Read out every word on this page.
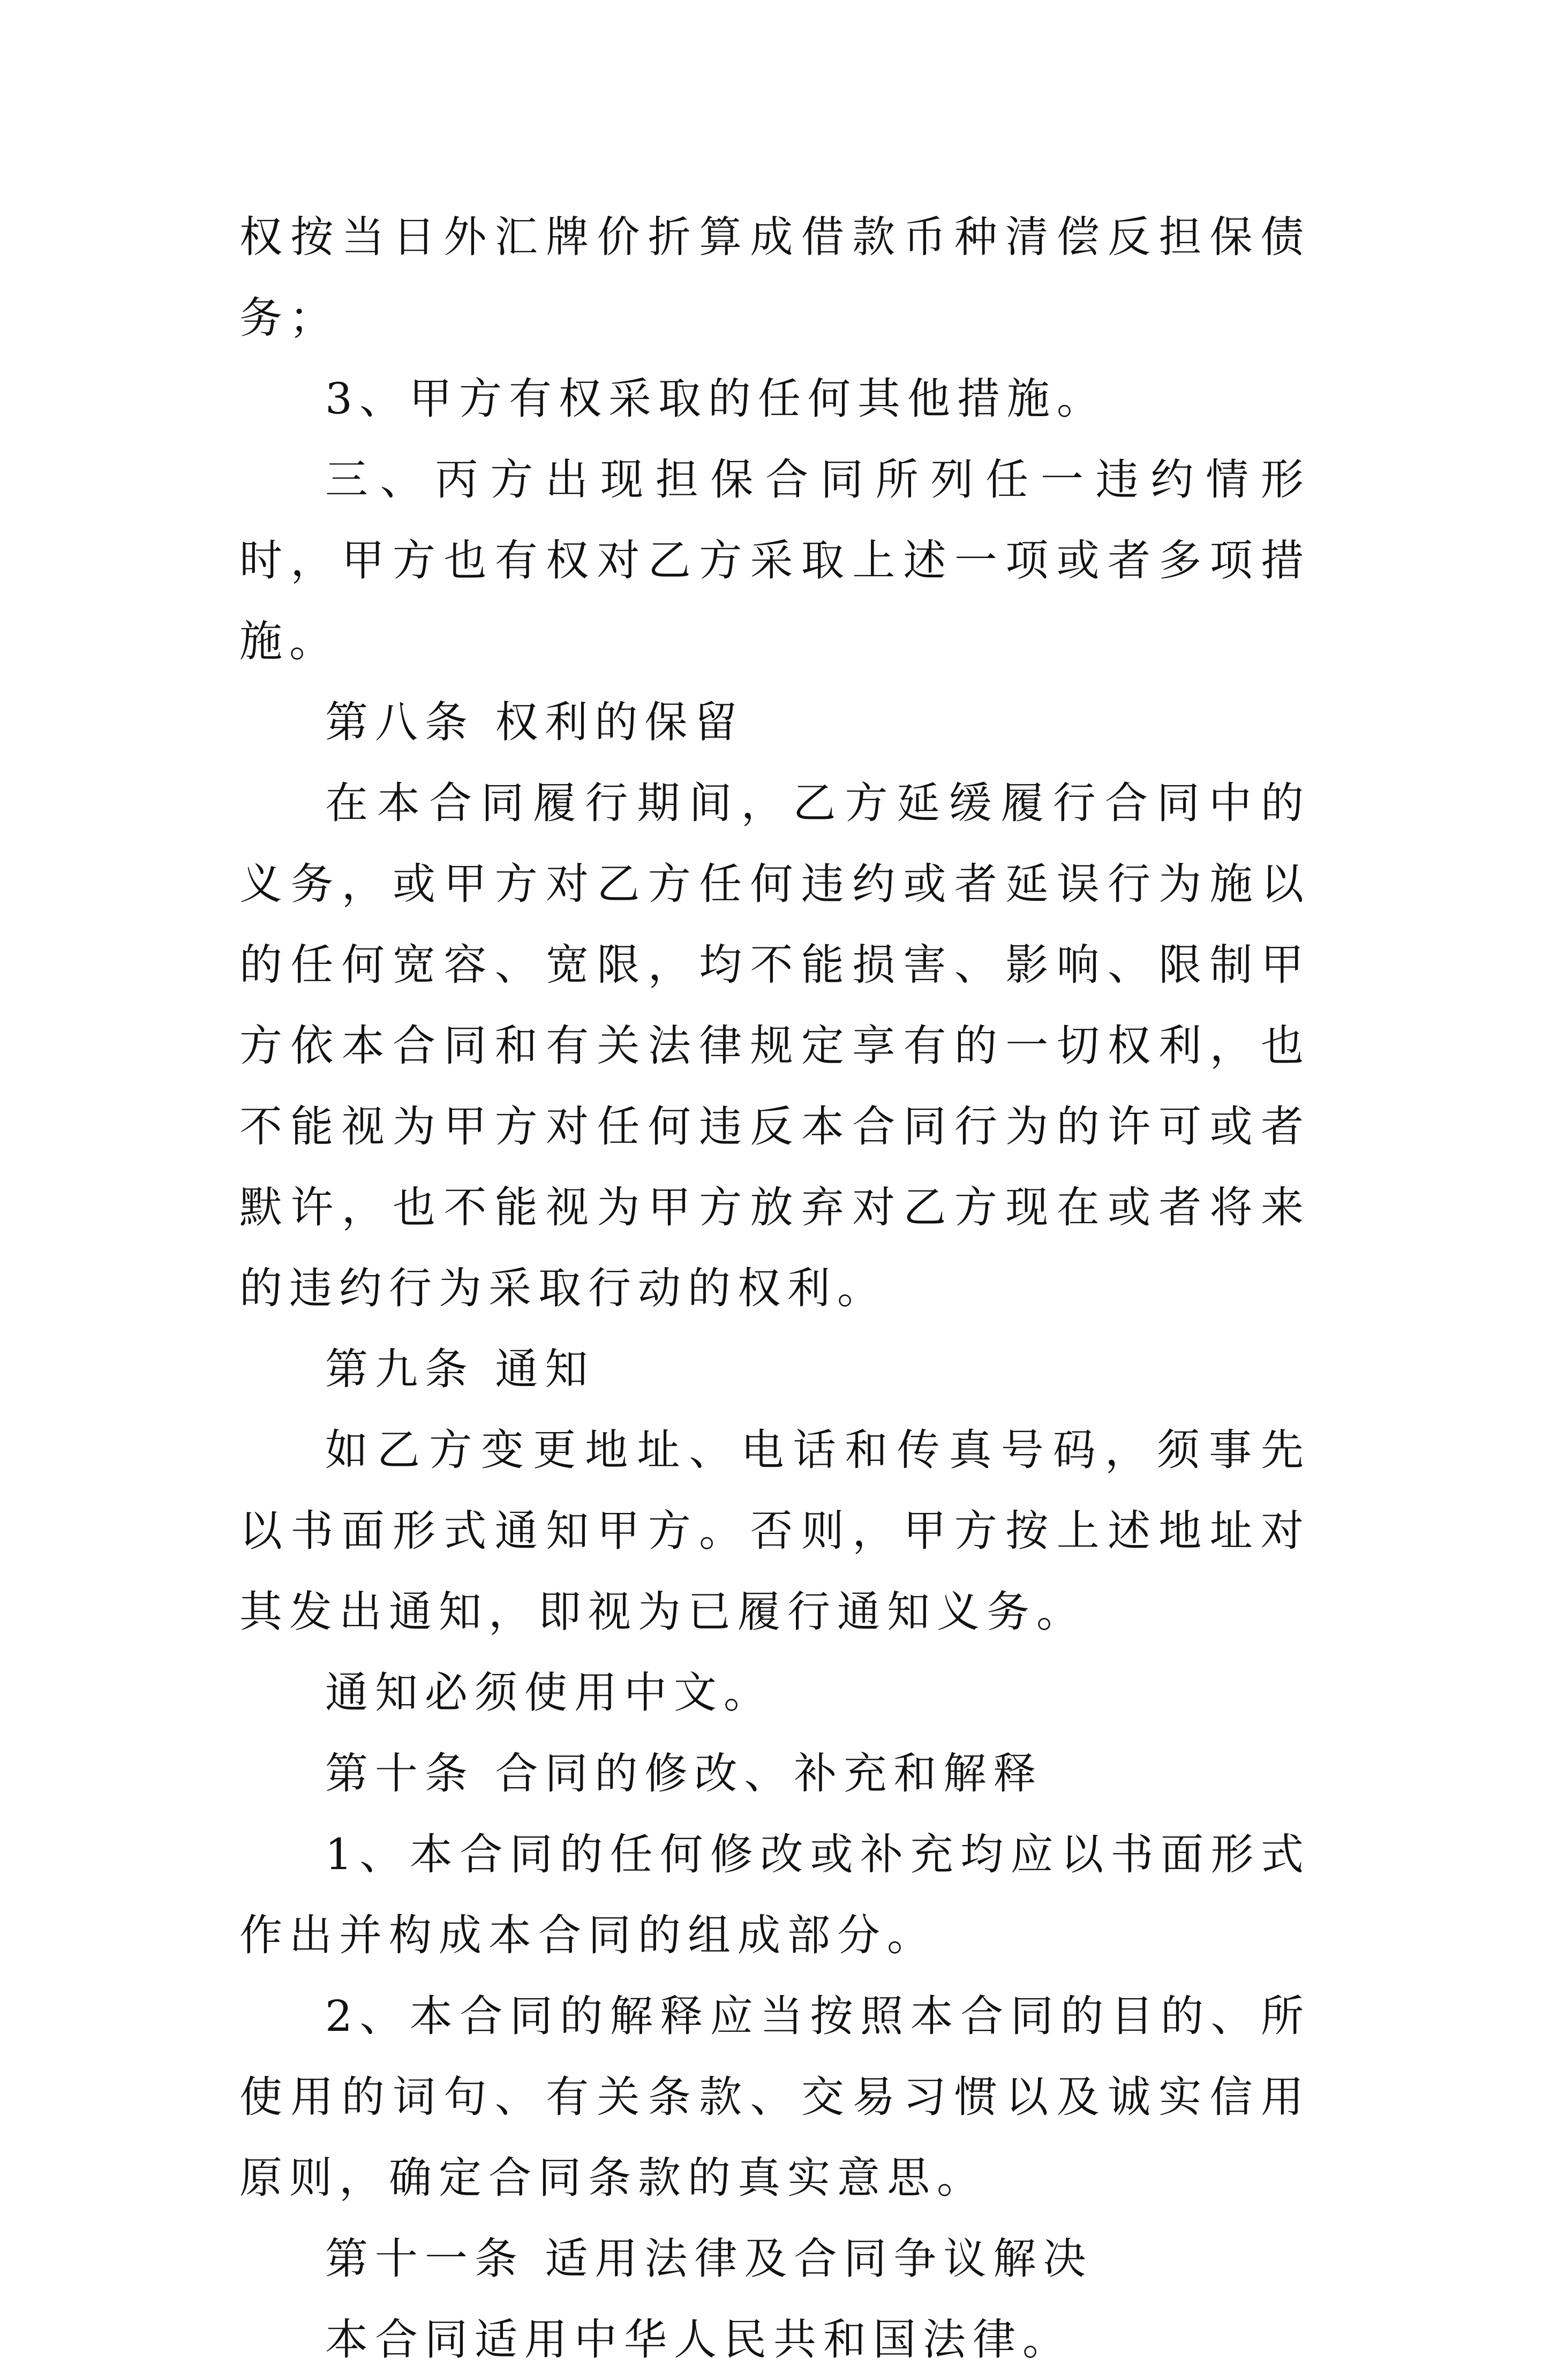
权按当日外汇牌价折算成借款币种清偿反担保债务；

3、甲方有权采取的任何其他措施。

三、丙方出现担保合同所列任一违约情形时，甲方也有权对乙方采取上述一项或者多项措施。

第八条 权利的保留

在本合同履行期间，乙方延缓履行合同中的义务，或甲方对乙方任何违约或者延误行为施以的任何宽容、宽限，均不能损害、影响、限制甲方依本合同和有关法律规定享有的一切权利，也不能视为甲方对任何违反本合同行为的许可或者默许，也不能视为甲方放弃对乙方现在或者将来的违约行为采取行动的权利。

第九条 通知

如乙方变更地址、电话和传真号码，须事先以书面形式通知甲方。否则，甲方按上述地址对其发出通知，即视为已履行通知义务。

通知必须使用中文。

第十条 合同的修改、补充和解释

1、本合同的任何修改或补充均应以书面形式作出并构成本合同的组成部分。

2、本合同的解释应当按照本合同的目的、所使用的词句、有关条款、交易习惯以及诚实信用原则，确定合同条款的真实意思。

第十一条 适用法律及合同争议解决

本合同适用中华人民共和国法律。
